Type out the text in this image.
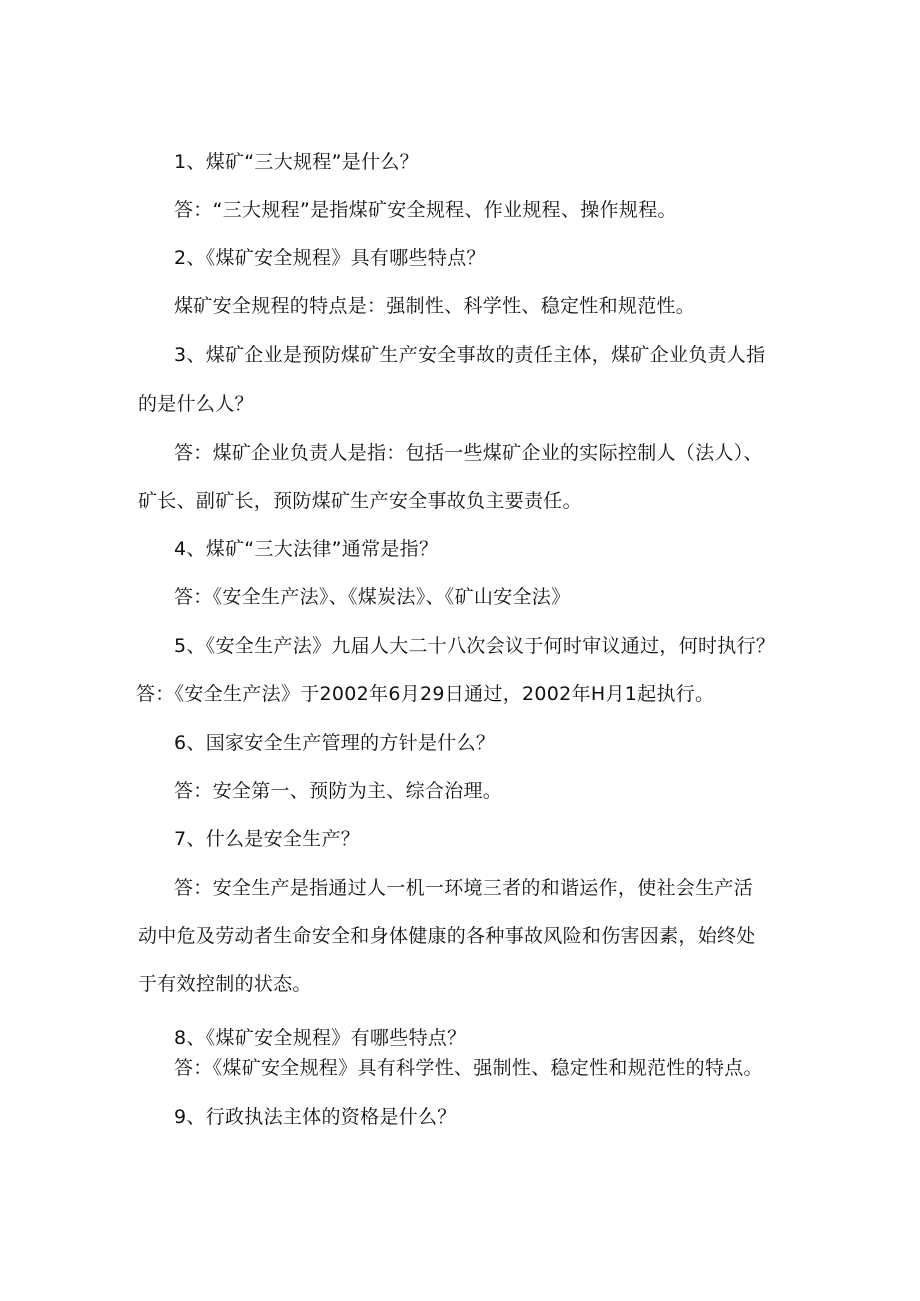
1、煤矿“三大规程”是什么？
答：“三大规程”是指煤矿安全规程、作业规程、操作规程。
2、《煤矿安全规程》具有哪些特点？
煤矿安全规程的特点是：强制性、科学性、稳定性和规范性。
3、煤矿企业是预防煤矿生产安全事故的责任主体，煤矿企业负责人指
的是什么人？
答：煤矿企业负责人是指：包括一些煤矿企业的实际控制人（法人）、
矿长、副矿长，预防煤矿生产安全事故负主要责任。
4、煤矿“三大法律”通常是指？
答：《安全生产法》、《煤炭法》、《矿山安全法》
5、《安全生产法》九届人大二十八次会议于何时审议通过，何时执行？
答：《安全生产法》于2002年6月29日通过，2002年H月1起执行。
6、国家安全生产管理的方针是什么？
答：安全第一、预防为主、综合治理。
7、什么是安全生产？
答：安全生产是指通过人一机一环境三者的和谐运作，使社会生产活
动中危及劳动者生命安全和身体健康的各种事故风险和伤害因素，始终处
于有效控制的状态。
8、《煤矿安全规程》有哪些特点？
答：《煤矿安全规程》具有科学性、强制性、稳定性和规范性的特点。
9、行政执法主体的资格是什么？
